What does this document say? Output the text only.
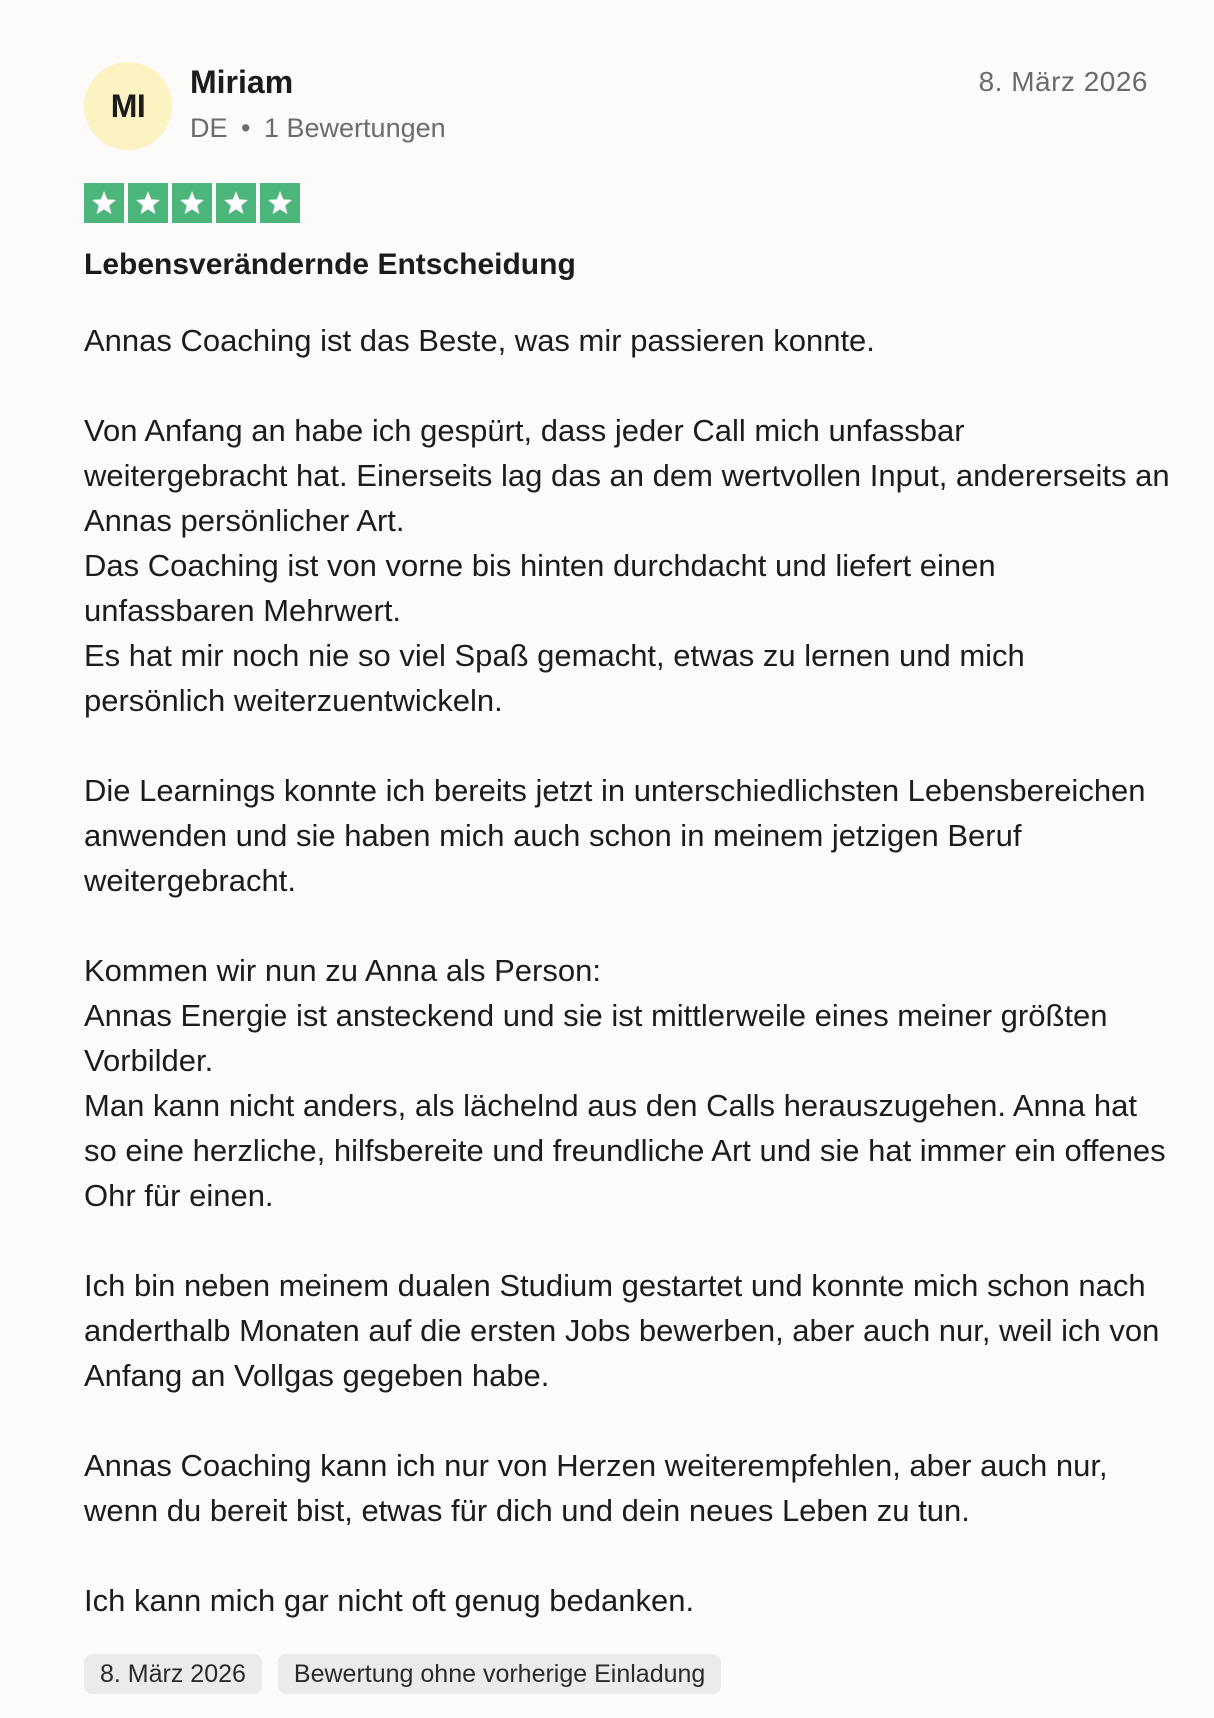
MI
Miriam
DE • 1 Bewertungen
8. März 2026
Lebensverändernde Entscheidung

Annas Coaching ist das Beste, was mir passieren konnte.

Von Anfang an habe ich gespürt, dass jeder Call mich unfassbar weitergebracht hat. Einerseits lag das an dem wertvollen Input, andererseits an Annas persönlicher Art.
Das Coaching ist von vorne bis hinten durchdacht und liefert einen unfassbaren Mehrwert.
Es hat mir noch nie so viel Spaß gemacht, etwas zu lernen und mich persönlich weiterzuentwickeln.

Die Learnings konnte ich bereits jetzt in unterschiedlichsten Lebensbereichen anwenden und sie haben mich auch schon in meinem jetzigen Beruf weitergebracht.

Kommen wir nun zu Anna als Person:
Annas Energie ist ansteckend und sie ist mittlerweile eines meiner größten Vorbilder.
Man kann nicht anders, als lächelnd aus den Calls herauszugehen. Anna hat so eine herzliche, hilfsbereite und freundliche Art und sie hat immer ein offenes Ohr für einen.

Ich bin neben meinem dualen Studium gestartet und konnte mich schon nach anderthalb Monaten auf die ersten Jobs bewerben, aber auch nur, weil ich von Anfang an Vollgas gegeben habe.

Annas Coaching kann ich nur von Herzen weiterempfehlen, aber auch nur, wenn du bereit bist, etwas für dich und dein neues Leben zu tun.

Ich kann mich gar nicht oft genug bedanken.

8. März 2026	Bewertung ohne vorherige Einladung
